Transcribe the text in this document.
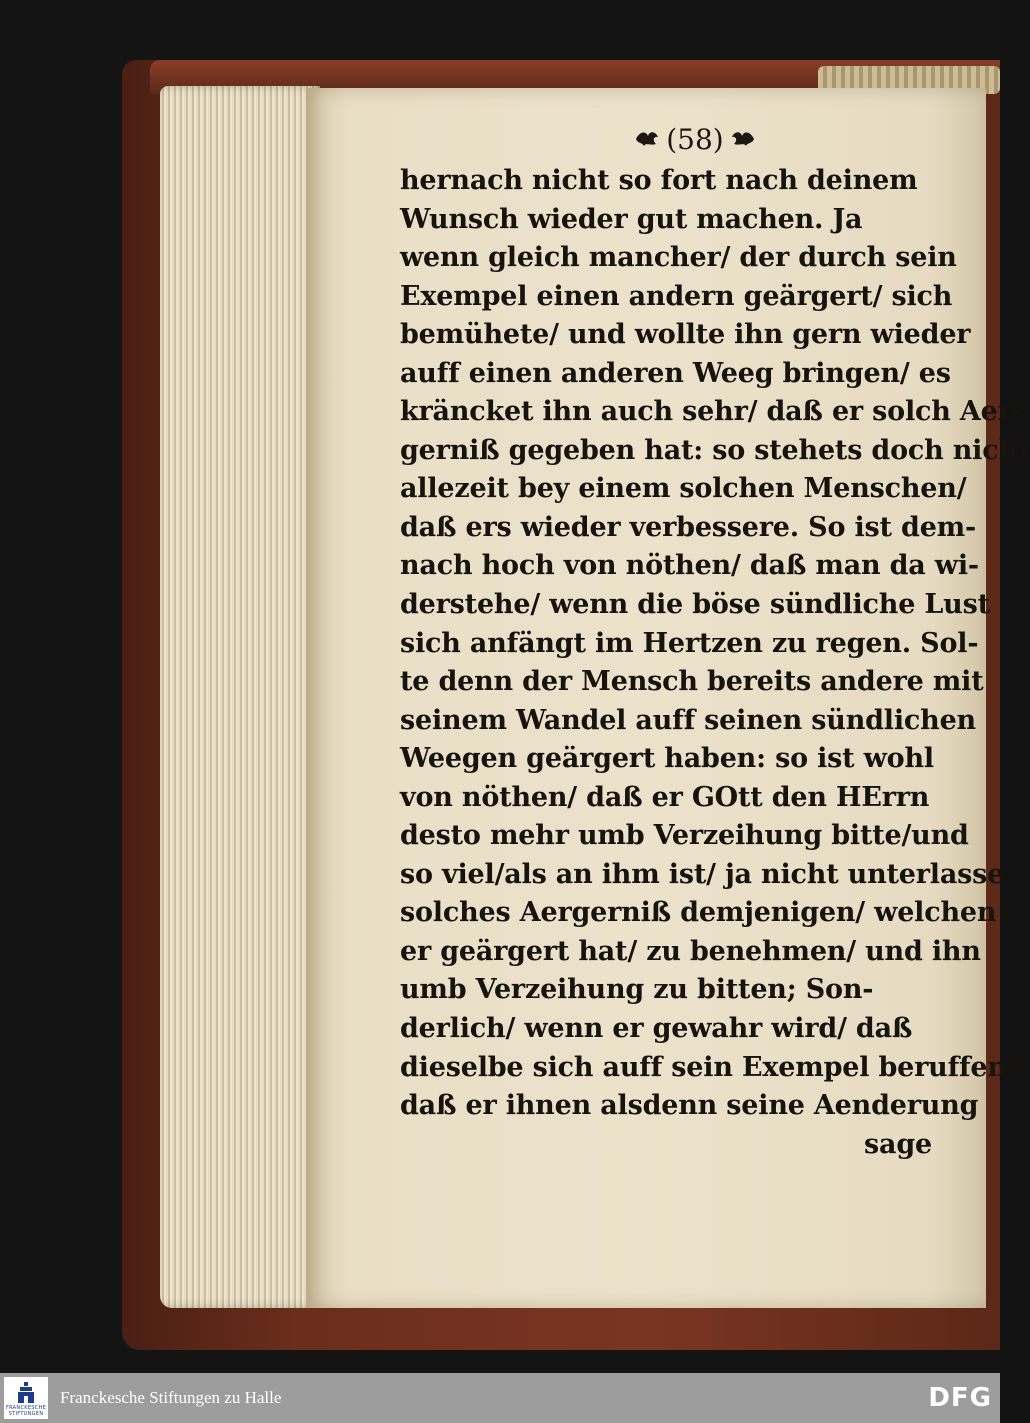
(58)
hernach nicht so fort nach deinem
Wunsch wieder gut machen. Ja
wenn gleich mancher/ der durch sein
Exempel einen andern geärgert/ sich
bemühete/ und wollte ihn gern wieder
auff einen anderen Weeg bringen/ es
kräncket ihn auch sehr/ daß er solch Aer-
gerniß gegeben hat: so stehets doch nicht
allezeit bey einem solchen Menschen/
daß ers wieder verbessere. So ist dem-
nach hoch von nöthen/ daß man da wi-
derstehe/ wenn die böse sündliche Lust
sich anfängt im Hertzen zu regen. Sol-
te denn der Mensch bereits andere mit
seinem Wandel auff seinen sündlichen
Weegen geärgert haben: so ist wohl
von nöthen/ daß er GOtt den HErrn
desto mehr umb Verzeihung bitte/und
so viel/als an ihm ist/ ja nicht unterlasse
solches Aergerniß demjenigen/ welchen
er geärgert hat/ zu benehmen/ und ihn
umb Verzeihung zu bitten; Son-
derlich/ wenn er gewahr wird/ daß
dieselbe sich auff sein Exempel beruffen/
daß er ihnen alsdenn seine Aenderung
sage
FRANCKESCHE
STIFTUNGEN
Franckesche Stiftungen zu Halle	DFG
